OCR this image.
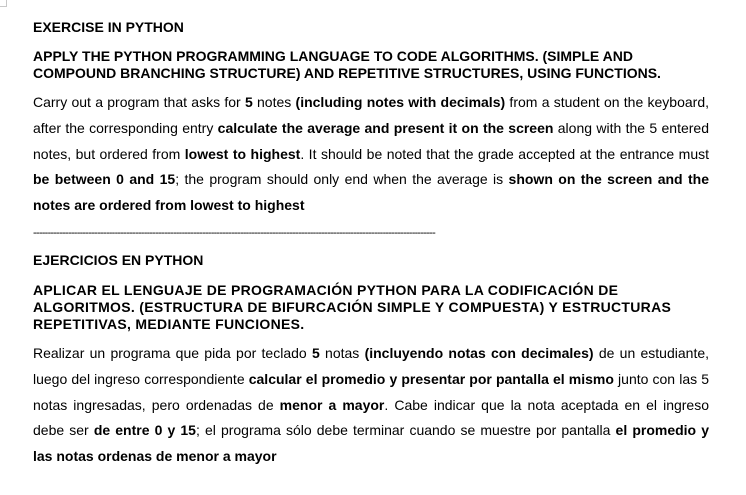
EXERCISE IN PYTHON

APPLY THE PYTHON PROGRAMMING LANGUAGE TO CODE ALGORITHMS. (SIMPLE AND COMPOUND BRANCHING STRUCTURE) AND REPETITIVE STRUCTURES, USING FUNCTIONS.

Carry out a program that asks for 5 notes (including notes with decimals) from a student on the keyboard, after the corresponding entry calculate the average and present it on the screen along with the 5 entered notes, but ordered from lowest to highest. It should be noted that the grade accepted at the entrance must be between 0 and 15; the program should only end when the average is shown on the screen and the notes are ordered from lowest to highest

------------------------------------------------------------------------------------------------------------------------------------------

EJERCICIOS EN PYTHON

APLICAR EL LENGUAJE DE PROGRAMACIÓN PYTHON PARA LA CODIFICACIÓN DE ALGORITMOS. (ESTRUCTURA DE BIFURCACIÓN SIMPLE Y COMPUESTA) Y ESTRUCTURAS REPETITIVAS, MEDIANTE FUNCIONES.

Realizar un programa que pida por teclado 5 notas (incluyendo notas con decimales) de un estudiante, luego del ingreso correspondiente calcular el promedio y presentar por pantalla el mismo junto con las 5 notas ingresadas, pero ordenadas de menor a mayor. Cabe indicar que la nota aceptada en el ingreso debe ser de entre 0 y 15; el programa sólo debe terminar cuando se muestre por pantalla el promedio y las notas ordenas de menor a mayor
